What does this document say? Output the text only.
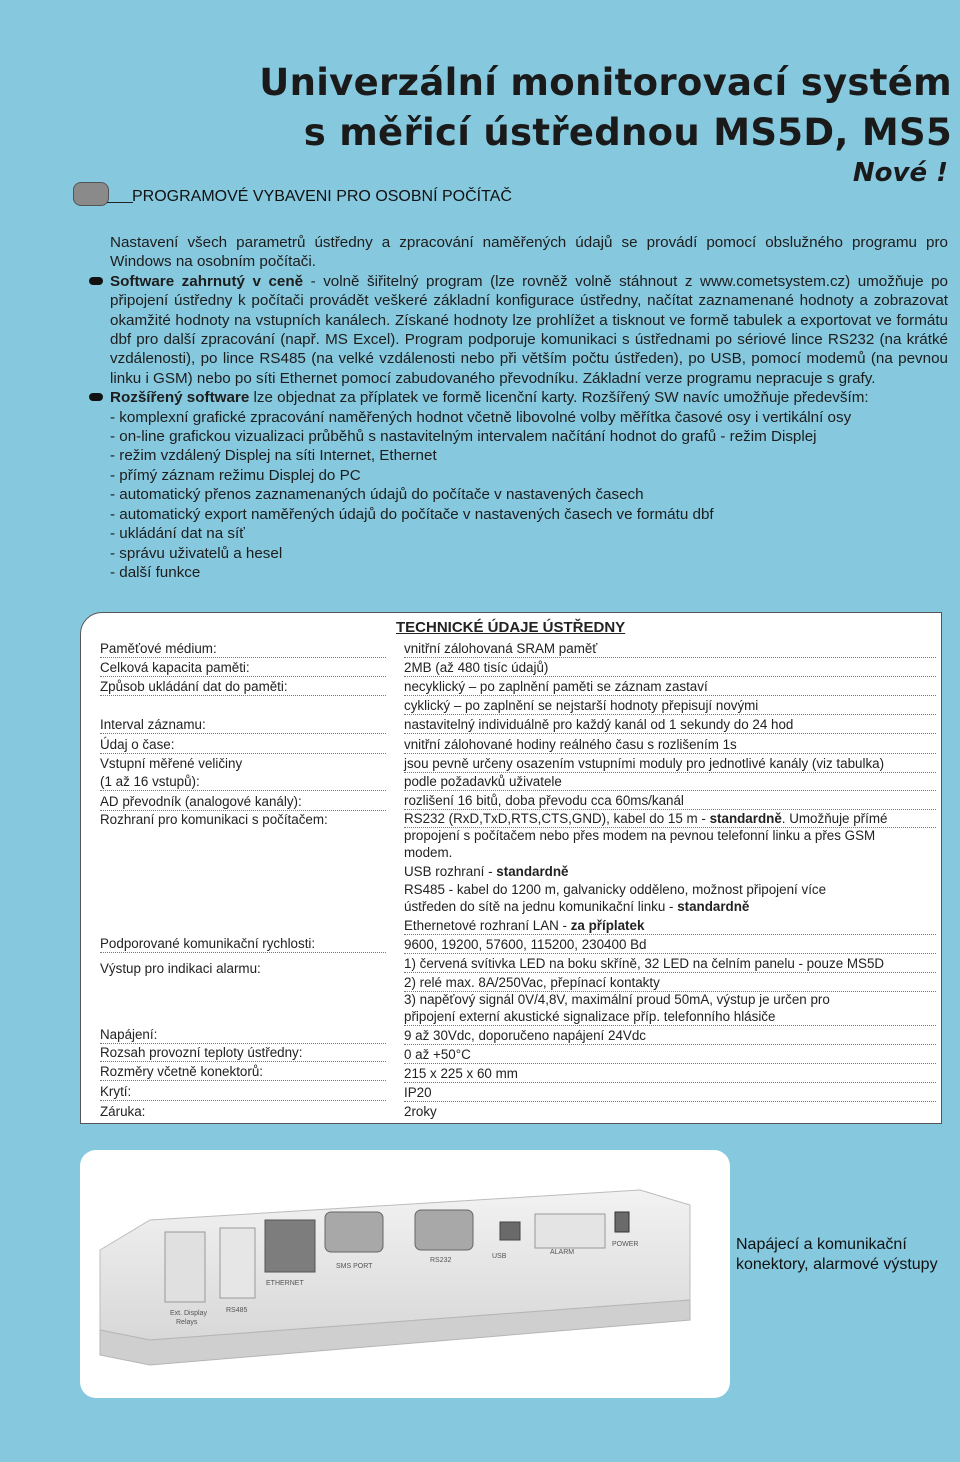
Univerzální monitorovací systém
s měřicí ústřednou MS5D, MS5
Nové !
PROGRAMOVÉ VYBAVENI PRO OSOBNÍ POČÍTAČ

Nastavení všech parametrů ústředny a zpracování naměřených údajů se provádí pomocí obslužného programu pro Windows na osobním počítači.

Software zahrnutý v ceně - volně šiřitelný program (lze rovněž volně stáhnout z www.cometsystem.cz) umožňuje po připojení ústředny k počítači provádět veškeré základní konfigurace ústředny, načítat zaznamenané hodnoty a zobrazovat okamžité hodnoty na vstupních kanálech. Získané hodnoty lze prohlížet a tisknout ve formě tabulek a exportovat ve formátu dbf pro další zpracování (např. MS Excel). Program podporuje komunikaci s ústřednami po sériové lince RS232 (na krátké vzdálenosti), po lince RS485 (na velké vzdálenosti nebo při větším počtu ústředen), po USB, pomocí modemů (na pevnou linku i GSM) nebo po síti Ethernet pomocí zabudovaného převodníku. Základní verze programu nepracuje s grafy.

Rozšířený software lze objednat za příplatek ve formě licenční karty. Rozšířený SW navíc umožňuje především:

- komplexní grafické zpracování naměřených hodnot včetně libovolné volby měřítka časové osy i vertikální osy
- on-line grafickou vizualizaci průběhů s nastavitelným intervalem načítání hodnot do grafů - režim Displej
- režim vzdálený Displej na síti Internet, Ethernet
- přímý záznam režimu Displej do PC
- automatický přenos zaznamenaných údajů do počítače v nastavených časech
- automatický export naměřených údajů do počítače v nastavených časech ve formátu dbf
- ukládání dat na síť
- správu uživatelů a hesel
- další funkce
TECHNICKÉ ÚDAJE ÚSTŘEDNY
Paměťové médium:
Celková kapacita paměti:
Způsob ukládání dat do paměti:
Interval záznamu:
Údaj o čase:
Vstupní měřené veličiny
(1 až 16 vstupů):
AD převodník (analogové kanály):
Rozhraní pro komunikaci s počítačem:
Podporované komunikační rychlosti:
Výstup pro indikaci alarmu:
Napájení:
Rozsah provozní teploty ústředny:
Rozměry včetně konektorů:
Krytí:
Záruka:
vnitřní zálohovaná SRAM paměť
2MB (až 480 tisíc údajů)
necyklický – po zaplnění paměti se záznam zastaví
cyklický – po zaplnění se nejstarší hodnoty přepisují novými
nastavitelný individuálně pro každý kanál od 1 sekundy do 24 hod
vnitřní zálohované hodiny reálného času s rozlišením 1s
jsou pevně určeny osazením vstupními moduly pro jednotlivé kanály (viz tabulka)
podle požadavků uživatele
rozlišení 16 bitů, doba převodu cca 60ms/kanál
RS232 (RxD,TxD,RTS,CTS,GND), kabel do 15 m - standardně. Umožňuje přímé
propojení s počítačem nebo přes modem na pevnou telefonní linku a přes GSM
modem.
USB rozhraní - standardně
RS485 - kabel do 1200 m, galvanicky odděleno, možnost připojení více
ústředen do sítě na jednu komunikační linku - standardně
Ethernetové rozhraní LAN - za příplatek
9600, 19200, 57600, 115200, 230400 Bd
1) červená svítivka LED na boku skříně, 32 LED na čelním panelu - pouze MS5D
2) relé max. 8A/250Vac, přepínací kontakty
3) napěťový signál 0V/4,8V, maximální proud 50mA, výstup je určen pro
připojení externí akustické signalizace příp. telefonního hlásiče
9 až 30Vdc, doporučeno napájení 24Vdc
0 až +50°C
215 x 225 x 60 mm
IP20
2roky
ETHERNET
SMS PORT
RS232
USB
ALARM
POWER
Ext. Display
Relays
RS485
Napájecí a komunikační konektory, alarmové výstupy
